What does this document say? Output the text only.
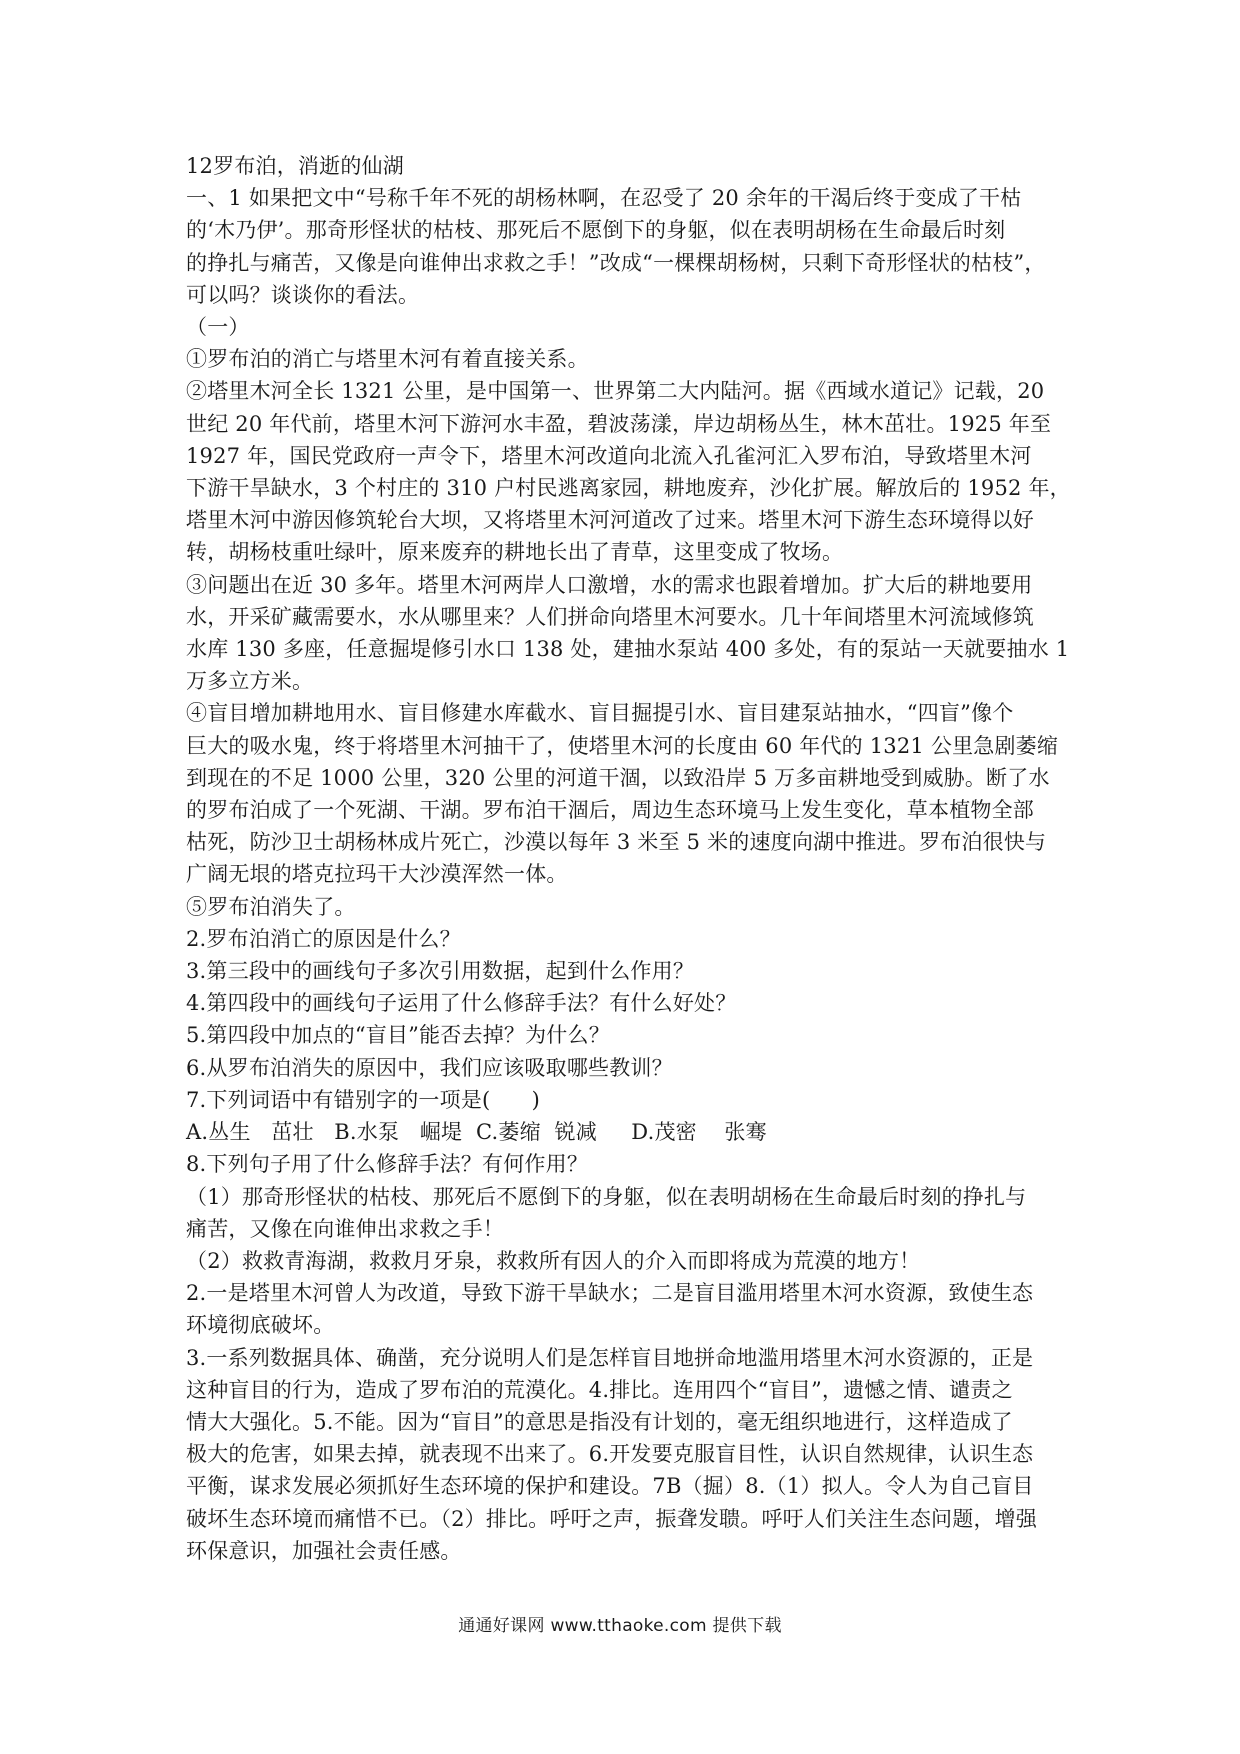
12罗布泊，消逝的仙湖
一、1 如果把文中“号称千年不死的胡杨林啊，在忍受了 20 余年的干渴后终于变成了干枯
的‘木乃伊’。那奇形怪状的枯枝、那死后不愿倒下的身躯，似在表明胡杨在生命最后时刻
的挣扎与痛苦，又像是向谁伸出求救之手！”改成“一棵棵胡杨树，只剩下奇形怪状的枯枝”，
可以吗？谈谈你的看法。
（一）
①罗布泊的消亡与塔里木河有着直接关系。
②塔里木河全长 1321 公里，是中国第一、世界第二大内陆河。据《西域水道记》记载，20
世纪 20 年代前，塔里木河下游河水丰盈，碧波荡漾，岸边胡杨丛生，林木茁壮。1925 年至
1927 年，国民党政府一声令下，塔里木河改道向北流入孔雀河汇入罗布泊，导致塔里木河
下游干旱缺水，3 个村庄的 310 户村民逃离家园，耕地废弃，沙化扩展。解放后的 1952 年，
塔里木河中游因修筑轮台大坝，又将塔里木河河道改了过来。塔里木河下游生态环境得以好
转，胡杨枝重吐绿叶，原来废弃的耕地长出了青草，这里变成了牧场。
③问题出在近 30 多年。塔里木河两岸人口激增，水的需求也跟着增加。扩大后的耕地要用
水，开采矿藏需要水，水从哪里来？人们拼命向塔里木河要水。几十年间塔里木河流域修筑
水库 130 多座，任意掘堤修引水口 138 处，建抽水泵站 400 多处，有的泵站一天就要抽水 1
万多立方米。
④盲目增加耕地用水、盲目修建水库截水、盲目掘提引水、盲目建泵站抽水，“四盲”像个
巨大的吸水鬼，终于将塔里木河抽干了，使塔里木河的长度由 60 年代的 1321 公里急剧萎缩
到现在的不足 1000 公里，320 公里的河道干涸，以致沿岸 5 万多亩耕地受到威胁。断了水
的罗布泊成了一个死湖、干湖。罗布泊干涸后，周边生态环境马上发生变化，草本植物全部
枯死，防沙卫士胡杨林成片死亡，沙漠以每年 3 米至 5 米的速度向湖中推进。罗布泊很快与
广阔无垠的塔克拉玛干大沙漠浑然一体。
⑤罗布泊消失了。
2.罗布泊消亡的原因是什么？
3.第三段中的画线句子多次引用数据，起到什么作用？
4.第四段中的画线句子运用了什么修辞手法？有什么好处？
5.第四段中加点的“盲目”能否去掉？为什么？
6.从罗布泊消失的原因中，我们应该吸取哪些教训？
7.下列词语中有错别字的一项是(      )
A.丛生   茁壮   B.水泵   崛堤  C.萎缩  锐减     D.茂密    张骞
8.下列句子用了什么修辞手法？有何作用？
（1）那奇形怪状的枯枝、那死后不愿倒下的身躯，似在表明胡杨在生命最后时刻的挣扎与
痛苦，又像在向谁伸出求救之手！
（2）救救青海湖，救救月牙泉，救救所有因人的介入而即将成为荒漠的地方！
2.一是塔里木河曾人为改道，导致下游干旱缺水；二是盲目滥用塔里木河水资源，致使生态
环境彻底破坏。
3.一系列数据具体、确凿，充分说明人们是怎样盲目地拼命地滥用塔里木河水资源的，正是
这种盲目的行为，造成了罗布泊的荒漠化。4.排比。连用四个“盲目”，遗憾之情、谴责之
情大大强化。5.不能。因为“盲目”的意思是指没有计划的，毫无组织地进行，这样造成了
极大的危害，如果去掉，就表现不出来了。6.开发要克服盲目性，认识自然规律，认识生态
平衡，谋求发展必须抓好生态环境的保护和建设。7B（掘）8.（1）拟人。令人为自己盲目
破坏生态环境而痛惜不已。（2）排比。呼吁之声，振聋发聩。呼吁人们关注生态问题，增强
环保意识，加强社会责任感。
通通好课网 www.tthaoke.com 提供下载
